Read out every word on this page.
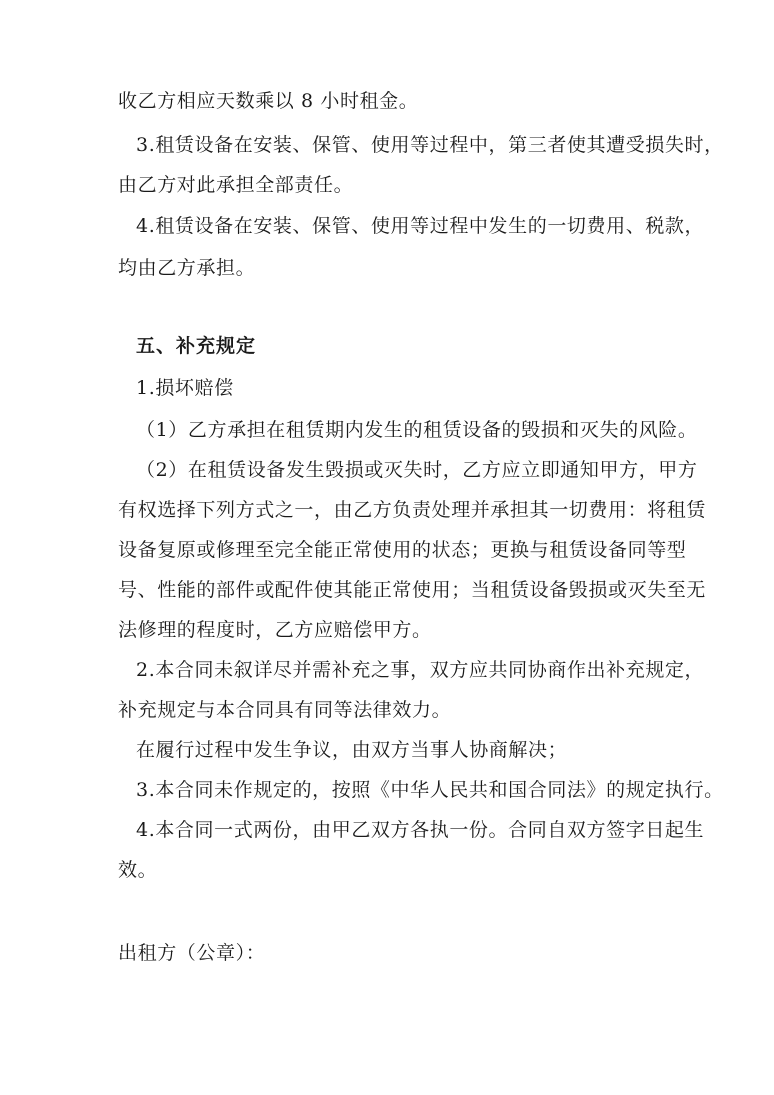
收乙方相应天数乘以 8 小时租金。
3.租赁设备在安装、保管、使用等过程中，第三者使其遭受损失时，
由乙方对此承担全部责任。
4.租赁设备在安装、保管、使用等过程中发生的一切费用、税款，
均由乙方承担。
五、补充规定
1.损坏赔偿
（1）乙方承担在租赁期内发生的租赁设备的毁损和灭失的风险。
（2）在租赁设备发生毁损或灭失时，乙方应立即通知甲方，甲方
有权选择下列方式之一，由乙方负责处理并承担其一切费用：将租赁
设备复原或修理至完全能正常使用的状态；更换与租赁设备同等型
号、性能的部件或配件使其能正常使用；当租赁设备毁损或灭失至无
法修理的程度时，乙方应赔偿甲方。
2.本合同未叙详尽并需补充之事，双方应共同协商作出补充规定，
补充规定与本合同具有同等法律效力。
在履行过程中发生争议，由双方当事人协商解决；
3.本合同未作规定的，按照《中华人民共和国合同法》的规定执行。
4.本合同一式两份，由甲乙双方各执一份。合同自双方签字日起生
效。
出租方（公章）：
